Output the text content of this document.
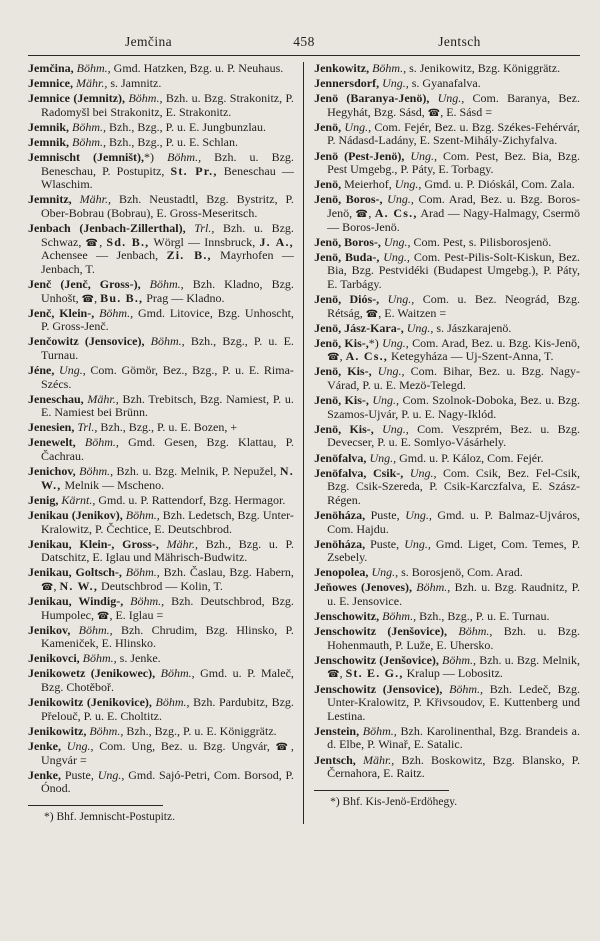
Jemčina	458	Jentsch

Jemčina, Böhm., Gmd. Hatzken, Bzg. u. P. Neuhaus.

Jemnice, Mähr., s. Jamnitz.

Jemnice (Jemnitz), Böhm., Bzh. u. Bzg. Strakonitz, P. Radomyšl bei Strakonitz, E. Strakonitz.

Jemnik, Böhm., Bzh., Bzg., P. u. E. Jungbunzlau.

Jemnik, Böhm., Bzh., Bzg., P. u. E. Schlan.

Jemnischt (Jemništ),*) Böhm., Bzh. u. Bzg. Beneschau, P. Postupitz, St. Pr., Beneschau — Wlaschim.

Jemnitz, Mähr., Bzh. Neustadtl, Bzg. Bystritz, P. Ober-Bobrau (Bobrau), E. Gross-Meseritsch.

Jenbach (Jenbach-Zillerthal), Trl., Bzh. u. Bzg. Schwaz, ☎, Sd. B., Wörgl — Innsbruck, J. A., Achensee — Jenbach, Zi. B., Mayrhofen — Jenbach, T.

Jenč (Jenč, Gross-), Böhm., Bzh. Kladno, Bzg. Unhošt, ☎, Bu. B., Prag — Kladno.

Jenč, Klein-, Böhm., Gmd. Litovice, Bzg. Unhoscht, P. Gross-Jenč.

Jenčowitz (Jensovice), Böhm., Bzh., Bzg., P. u. E. Turnau.

Jéne, Ung., Com. Gömör, Bez., Bzg., P. u. E. Rima-Szécs.

Jeneschau, Mähr., Bzh. Trebitsch, Bzg. Namiest, P. u. E. Namiest bei Brünn.

Jenesien, Trl., Bzh., Bzg., P. u. E. Bozen, +

Jenewelt, Böhm., Gmd. Gesen, Bzg. Klattau, P. Čachrau.

Jenichov, Böhm., Bzh. u. Bzg. Melnik, P. Nepužel, N. W., Melnik — Mscheno.

Jenig, Kärnt., Gmd. u. P. Rattendorf, Bzg. Hermagor.

Jenikau (Jenikov), Böhm., Bzh. Ledetsch, Bzg. Unter-Kralowitz, P. Čechtice, E. Deutschbrod.

Jenikau, Klein-, Gross-, Mähr., Bzh., Bzg. u. P. Datschitz, E. Iglau und Mährisch-Budwitz.

Jenikau, Goltsch-, Böhm., Bzh. Časlau, Bzg. Habern, ☎, N. W., Deutschbrod — Kolin, T.

Jenikau, Windig-, Böhm., Bzh. Deutschbrod, Bzg. Humpolec, ☎, E. Iglau =

Jenikov, Böhm., Bzh. Chrudim, Bzg. Hlinsko, P. Kameniček, E. Hlinsko.

Jenikovci, Böhm., s. Jenke.

Jenikowetz (Jenikowec), Böhm., Gmd. u. P. Maleč, Bzg. Chotěboř.

Jenikowitz (Jenikovice), Böhm., Bzh. Pardubitz, Bzg. Přelouč, P. u. E. Choltitz.

Jenikowitz, Böhm., Bzh., Bzg., P. u. E. Königgrätz.

Jenke, Ung., Com. Ung, Bez. u. Bzg. Ungvár, ☎, Ungvár =

Jenke, Puste, Ung., Gmd. Sajó-Petri, Com. Borsod, P. Ónod.

*) Bhf. Jemnischt-Postupitz.

Jenkowitz, Böhm., s. Jenikowitz, Bzg. Königgrätz.

Jennersdorf, Ung., s. Gyanafalva.

Jenö (Baranya-Jenö), Ung., Com. Baranya, Bez. Hegyhát, Bzg. Sásd, ☎, E. Sásd =

Jenö, Ung., Com. Fejér, Bez. u. Bzg. Székes-Fehérvár, P. Nádasd-Ladány, E. Szent-Mihály-Zichyfalva.

Jenö (Pest-Jenö), Ung., Com. Pest, Bez. Bia, Bzg. Pest Umgebg., P. Páty, E. Torbagy.

Jenö, Meierhof, Ung., Gmd. u. P. Dióskál, Com. Zala.

Jenö, Boros-, Ung., Com. Arad, Bez. u. Bzg. Boros-Jenö, ☎, A. Cs., Arad — Nagy-Halmagy, Csermö — Boros-Jenö.

Jenö, Boros-, Ung., Com. Pest, s. Pilisborosjenö.

Jenö, Buda-, Ung., Com. Pest-Pilis-Solt-Kiskun, Bez. Bia, Bzg. Pestvidéki (Budapest Umgebg.), P. Páty, E. Tarbágy.

Jenö, Diós-, Ung., Com. u. Bez. Neográd, Bzg. Rétság, ☎, E. Waitzen =

Jenö, Jász-Kara-, Ung., s. Jászkarajenö.

Jenö, Kis-,*) Ung., Com. Arad, Bez. u. Bzg. Kis-Jenö, ☎, A. Cs., Ketegyháza — Uj-Szent-Anna, T.

Jenö, Kis-, Ung., Com. Bihar, Bez. u. Bzg. Nagy-Várad, P. u. E. Mezö-Telegd.

Jenö, Kis-, Ung., Com. Szolnok-Doboka, Bez. u. Bzg. Szamos-Ujvár, P. u. E. Nagy-Iklód.

Jenö, Kis-, Ung., Com. Veszprém, Bez. u. Bzg. Devecser, P. u. E. Somlyo-Vásárhely.

Jenöfalva, Ung., Gmd. u. P. Káloz, Com. Fejér.

Jenöfalva, Csik-, Ung., Com. Csik, Bez. Fel-Csik, Bzg. Csik-Szereda, P. Csik-Karczfalva, E. Szász-Régen.

Jenöháza, Puste, Ung., Gmd. u. P. Balmaz-Ujváros, Com. Hajdu.

Jenöháza, Puste, Ung., Gmd. Liget, Com. Temes, P. Zsebely.

Jenopolea, Ung., s. Borosjenö, Com. Arad.

Jeňowes (Jenoves), Böhm., Bzh. u. Bzg. Raudnitz, P. u. E. Jensovice.

Jenschowitz, Böhm., Bzh., Bzg., P. u. E. Turnau.

Jenschowitz (Jenšovice), Böhm., Bzh. u. Bzg. Hohenmauth, P. Luže, E. Uhersko.

Jenschowitz (Jenšovice), Böhm., Bzh. u. Bzg. Melnik, ☎, St. E. G., Kralup — Lobositz.

Jenschowitz (Jensovice), Böhm., Bzh. Ledeč, Bzg. Unter-Kralowitz, P. Křivsoudov, E. Kuttenberg und Lestina.

Jenstein, Böhm., Bzh. Karolinenthal, Bzg. Brandeis a. d. Elbe, P. Winař, E. Satalic.

Jentsch, Mähr., Bzh. Boskowitz, Bzg. Blansko, P. Černahora, E. Raitz.

*) Bhf. Kis-Jenö-Erdöhegy.
